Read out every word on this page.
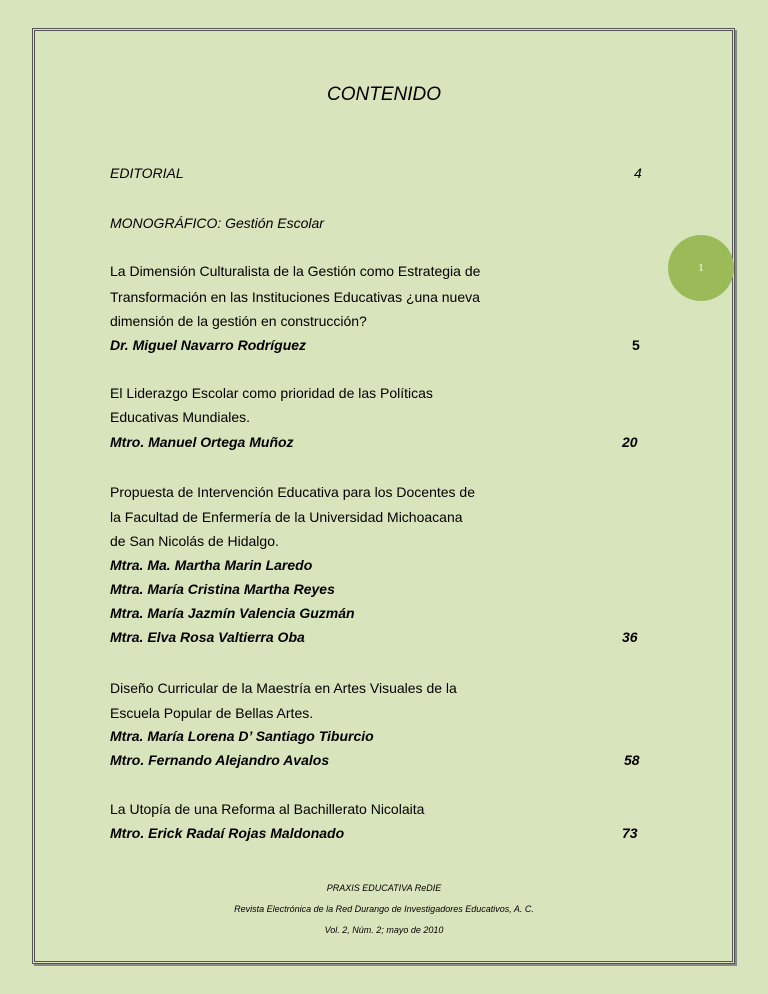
CONTENIDO
1
EDITORIAL	4
MONOGRÁFICO: Gestión Escolar
La Dimensión Culturalista de la Gestión como Estrategia de
Transformación en las Instituciones Educativas ¿una nueva
dimensión de la gestión en construcción?
Dr. Miguel Navarro Rodríguez	5
El Liderazgo Escolar como prioridad de las Políticas
Educativas Mundiales.
Mtro. Manuel Ortega Muñoz	20
Propuesta de Intervención Educativa para los Docentes de
la Facultad de Enfermería de la Universidad Michoacana
de San Nicolás de Hidalgo.
Mtra. Ma. Martha Marin Laredo
Mtra. María Cristina Martha Reyes
Mtra. María Jazmín Valencia Guzmán
Mtra. Elva Rosa Valtierra Oba	36
Diseño Curricular de la Maestría en Artes Visuales de la
Escuela Popular de Bellas Artes.
Mtra. María Lorena D’ Santiago Tiburcio
Mtro. Fernando Alejandro Avalos	58
La Utopía de una Reforma al Bachillerato Nicolaita
Mtro. Erick Radaí Rojas Maldonado	73
PRAXIS EDUCATIVA ReDIE
Revista Electrónica de la Red Durango de Investigadores Educativos, A. C.
Vol. 2, Núm. 2; mayo de 2010
